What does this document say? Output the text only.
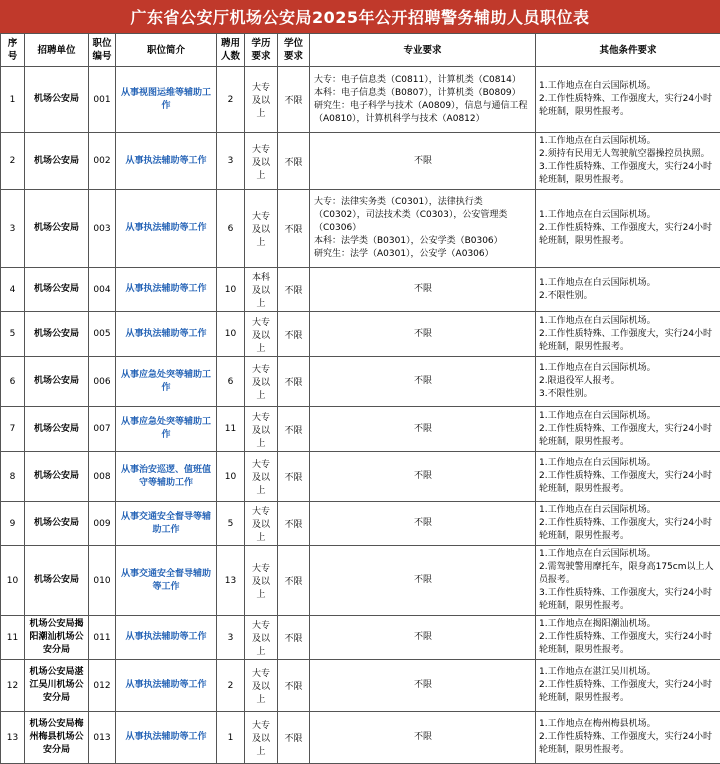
广东省公安厅机场公安局2025年公开招聘警务辅助人员职位表
序号	招聘单位	职位编号	职位简介	聘用人数	学历要求	学位要求	专业要求	其他条件要求
1	机场公安局	001	从事视图运维等辅助工作	2	大专及以上	不限	大专：电子信息类（C0811），计算机类（C0814）
本科：电子信息类（B0807），计算机类（B0809）
研究生：电子科学与技术（A0809），信息与通信工程（A0810），计算机科学与技术（A0812）	1.工作地点在白云国际机场。
2.工作性质特殊、工作强度大，实行24小时轮班制，限男性报考。

2	机场公安局	002	从事执法辅助等工作	3	大专及以上	不限	不限	1.工作地点在白云国际机场。
2.须持有民用无人驾驶航空器操控员执照。
3.工作性质特殊、工作强度大，实行24小时轮班制，限男性报考。

3	机场公安局	003	从事执法辅助等工作	6	大专及以上	不限	大专：法律实务类（C0301），法律执行类（C0302），司法技术类（C0303），公安管理类（C0306）
本科：法学类（B0301），公安学类（B0306）
研究生：法学（A0301），公安学（A0306）	1.工作地点在白云国际机场。
2.工作性质特殊、工作强度大，实行24小时轮班制，限男性报考。

4	机场公安局	004	从事执法辅助等工作	10	本科及以上	不限	不限	1.工作地点在白云国际机场。
2.不限性别。

5	机场公安局	005	从事执法辅助等工作	10	大专及以上	不限	不限	1.工作地点在白云国际机场。
2.工作性质特殊、工作强度大，实行24小时轮班制，限男性报考。

6	机场公安局	006	从事应急处突等辅助工作	6	大专及以上	不限	不限	1.工作地点在白云国际机场。
2.限退役军人报考。
3.不限性别。

7	机场公安局	007	从事应急处突等辅助工作	11	大专及以上	不限	不限	1.工作地点在白云国际机场。
2.工作性质特殊、工作强度大，实行24小时轮班制，限男性报考。

8	机场公安局	008	从事治安巡逻、值班值守等辅助工作	10	大专及以上	不限	不限	1.工作地点在白云国际机场。
2.工作性质特殊、工作强度大，实行24小时轮班制，限男性报考。

9	机场公安局	009	从事交通安全督导等辅助工作	5	大专及以上	不限	不限	1.工作地点在白云国际机场。
2.工作性质特殊、工作强度大，实行24小时轮班制，限男性报考。

10	机场公安局	010	从事交通安全督导辅助等工作	13	大专及以上	不限	不限	1.工作地点在白云国际机场。
2.需驾驶警用摩托车，限身高175cm以上人员报考。
3.工作性质特殊、工作强度大，实行24小时轮班制，限男性报考。

11	机场公安局揭阳潮汕机场公安分局	011	从事执法辅助等工作	3	大专及以上	不限	不限	1.工作地点在揭阳潮汕机场。
2.工作性质特殊、工作强度大，实行24小时轮班制，限男性报考。

12	机场公安局湛江吴川机场公安分局	012	从事执法辅助等工作	2	大专及以上	不限	不限	1.工作地点在湛江吴川机场。
2.工作性质特殊、工作强度大，实行24小时轮班制，限男性报考。

13	机场公安局梅州梅县机场公安分局	013	从事执法辅助等工作	1	大专及以上	不限	不限	1.工作地点在梅州梅县机场。
2.工作性质特殊、工作强度大，实行24小时轮班制，限男性报考。
